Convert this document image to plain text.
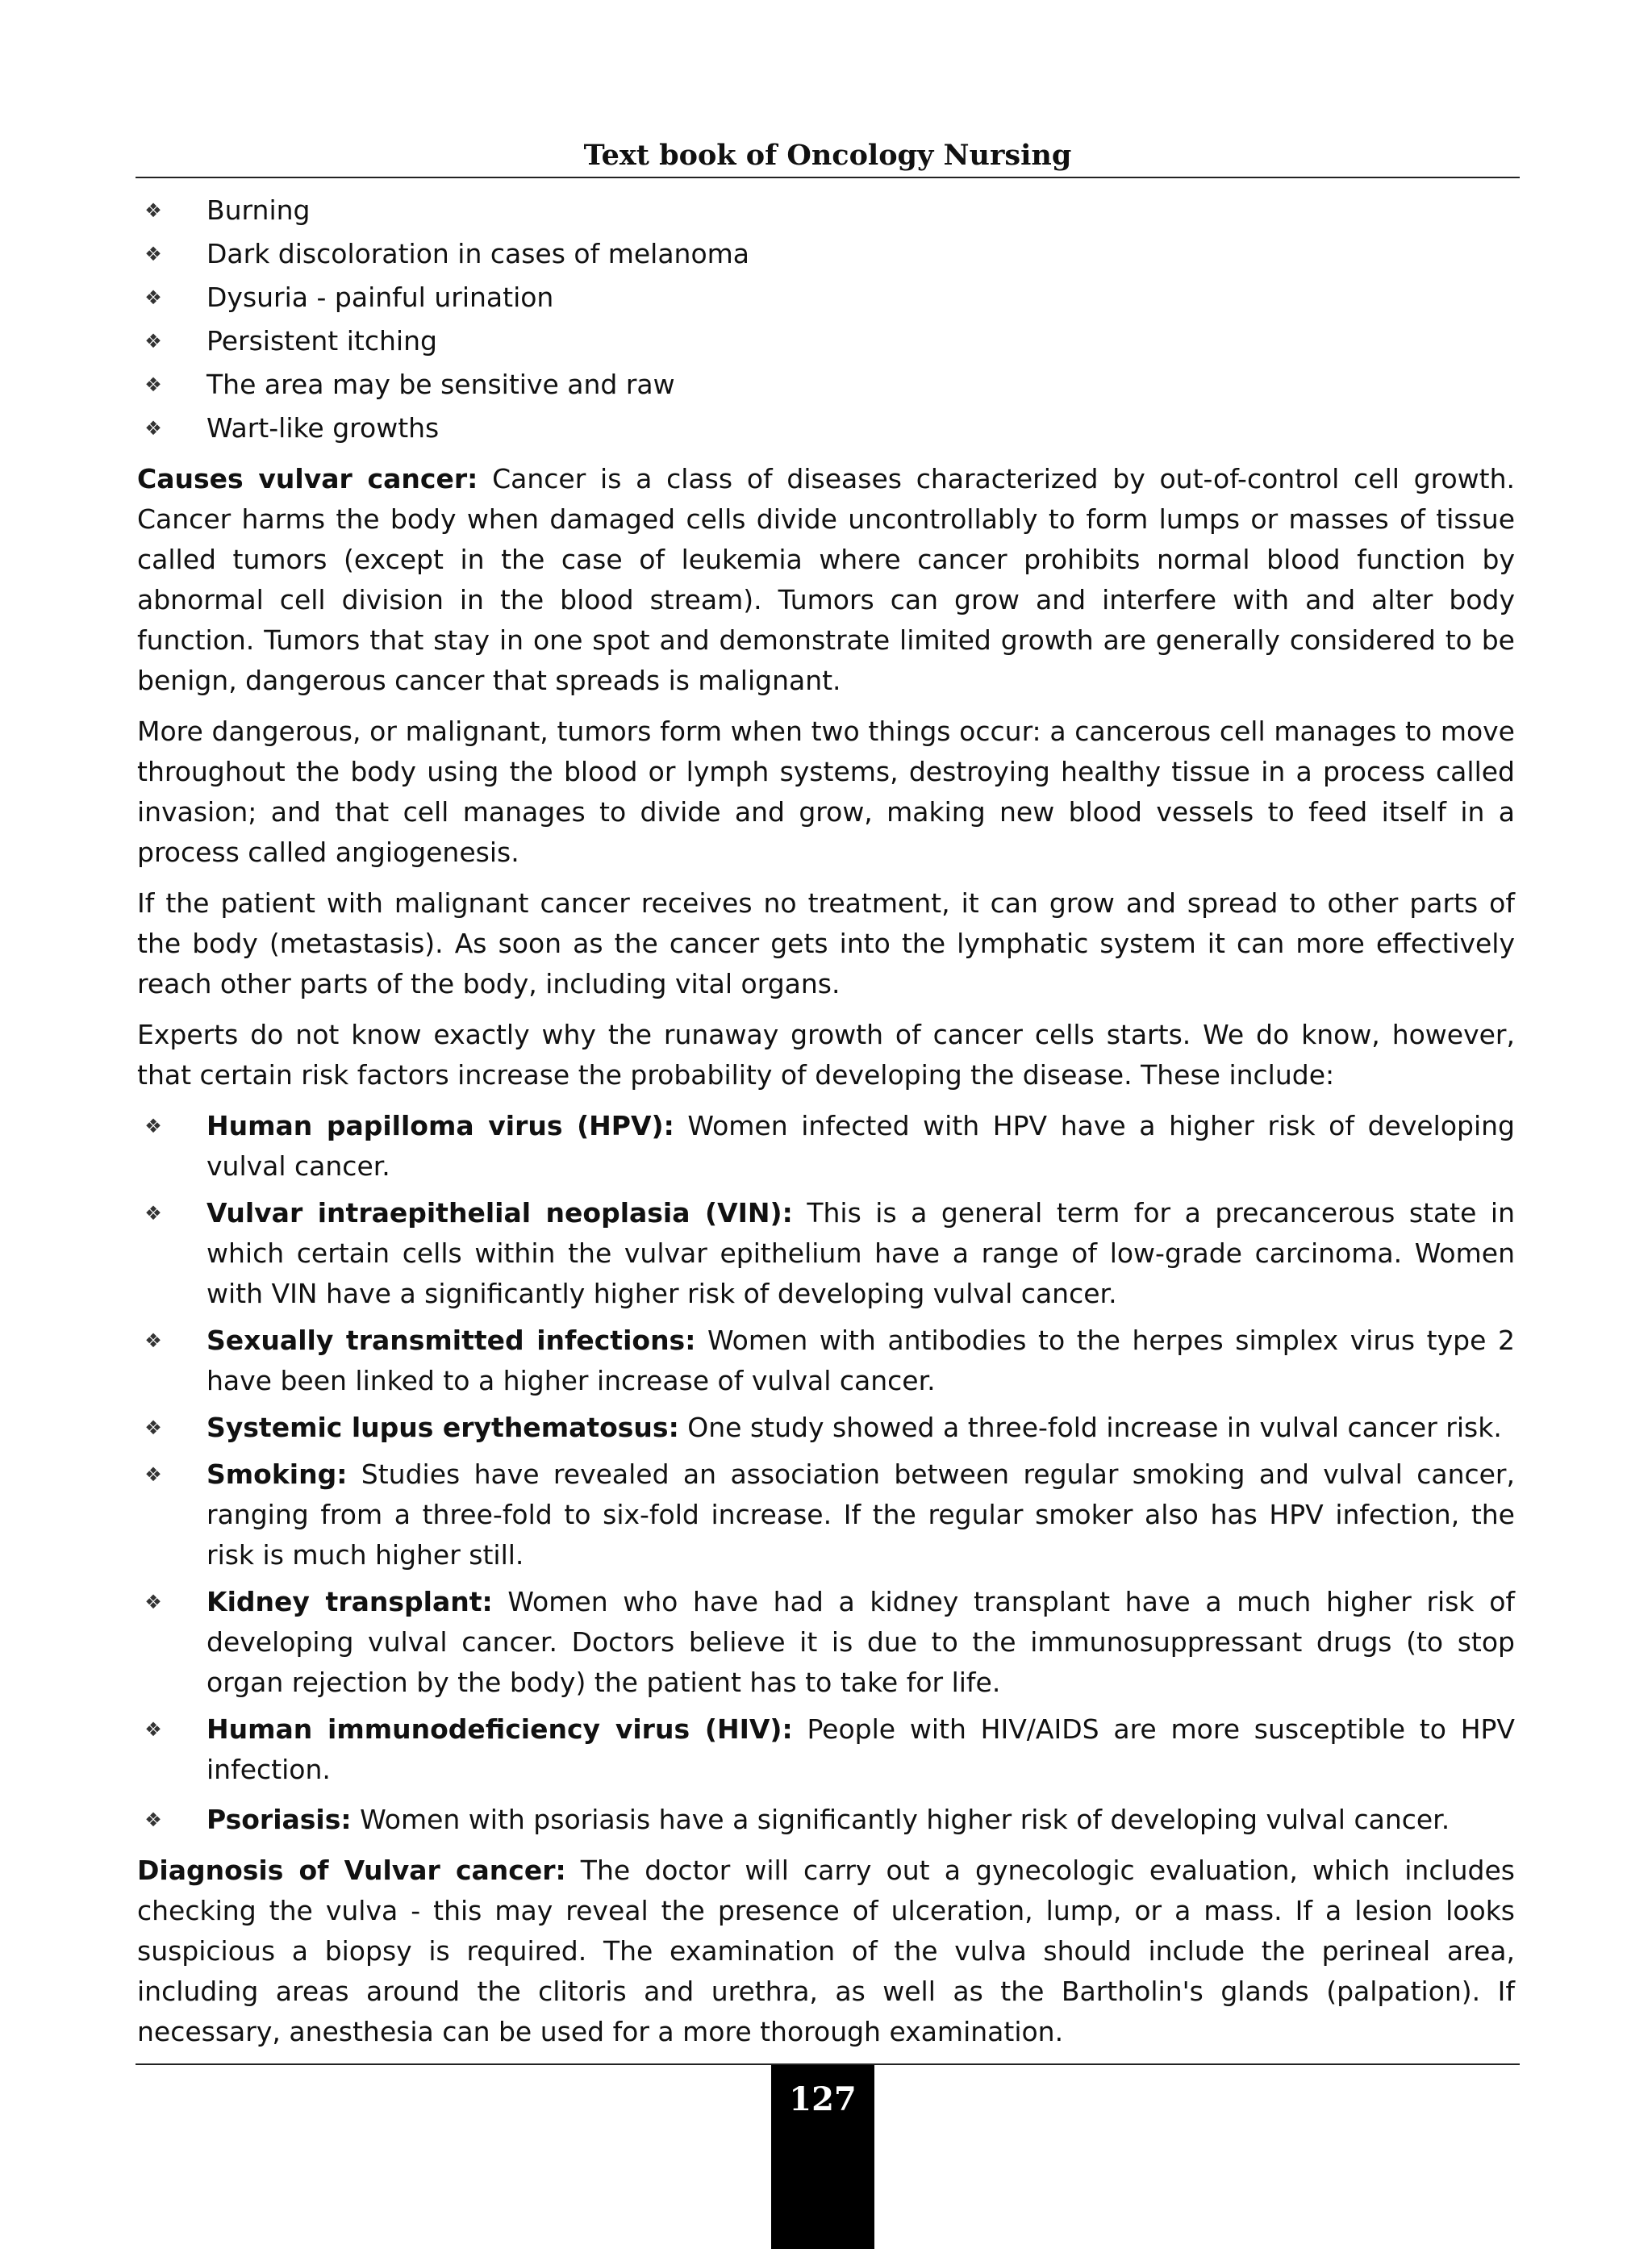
Text book of Oncology Nursing
❖ Burning
❖ Dark discoloration in cases of melanoma
❖ Dysuria - painful urination
❖ Persistent itching
❖ The area may be sensitive and raw
❖ Wart-like growths

Causes vulvar cancer: Cancer is a class of diseases characterized by out-of-control cell growth. Cancer harms the body when damaged cells divide uncontrollably to form lumps or masses of tissue called tumors (except in the case of leukemia where cancer prohibits normal blood function by abnormal cell division in the blood stream). Tumors can grow and interfere with and alter body function. Tumors that stay in one spot and demonstrate limited growth are generally considered to be benign, dangerous cancer that spreads is malignant.

More dangerous, or malignant, tumors form when two things occur: a cancerous cell manages to move throughout the body using the blood or lymph systems, destroying healthy tissue in a process called invasion; and that cell manages to divide and grow, making new blood vessels to feed itself in a process called angiogenesis.

If the patient with malignant cancer receives no treatment, it can grow and spread to other parts of the body (metastasis). As soon as the cancer gets into the lymphatic system it can more effectively reach other parts of the body, including vital organs.

Experts do not know exactly why the runaway growth of cancer cells starts. We do know, however, that certain risk factors increase the probability of developing the disease. These include:

❖ Human papilloma virus (HPV): Women infected with HPV have a higher risk of developing vulval cancer.
❖ Vulvar intraepithelial neoplasia (VIN): This is a general term for a precancerous state in which certain cells within the vulvar epithelium have a range of low-grade carcinoma. Women with VIN have a significantly higher risk of developing vulval cancer.
❖ Sexually transmitted infections: Women with antibodies to the herpes simplex virus type 2 have been linked to a higher increase of vulval cancer.
❖ Systemic lupus erythematosus: One study showed a three-fold increase in vulval cancer risk.
❖ Smoking: Studies have revealed an association between regular smoking and vulval cancer, ranging from a three-fold to six-fold increase. If the regular smoker also has HPV infection, the risk is much higher still.
❖ Kidney transplant: Women who have had a kidney transplant have a much higher risk of developing vulval cancer. Doctors believe it is due to the immunosuppressant drugs (to stop organ rejection by the body) the patient has to take for life.
❖ Human immunodeficiency virus (HIV): People with HIV/AIDS are more susceptible to HPV infection.
❖ Psoriasis: Women with psoriasis have a significantly higher risk of developing vulval cancer.

Diagnosis of Vulvar cancer: The doctor will carry out a gynecologic evaluation, which includes checking the vulva - this may reveal the presence of ulceration, lump, or a mass. If a lesion looks suspicious a biopsy is required. The examination of the vulva should include the perineal area, including areas around the clitoris and urethra, as well as the Bartholin's glands (palpation). If necessary, anesthesia can be used for a more thorough examination.

127
